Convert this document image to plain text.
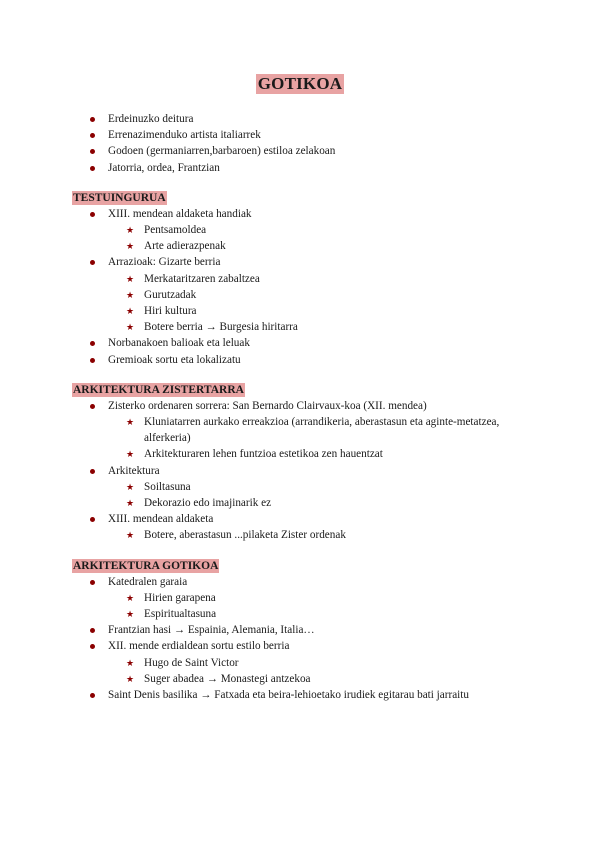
GOTIKOA
Erdeinuzko deitura
Errenazimenduko artista italiarrek
Godoen (germaniarren,barbaroen) estiloa zelakoan
Jatorria, ordea, Frantzian
TESTUINGURUA
XIII. mendean aldaketa handiak
★ Pentsamoldea
★ Arte adierazpenak
Arrazioak: Gizarte berria
★ Merkataritzaren zabaltzea
★ Gurutzadak
★ Hiri kultura
★ Botere berria → Burgesia hiritarra
Norbanakoen balioak eta leluak
Gremioak sortu eta lokalizatu
ARKITEKTURA ZISTERTARRA
Zisterko ordenaren sorrera: San Bernardo Clairvaux-koa (XII. mendea)
★ Kluniatarren aurkako erreakzioa (arrandikeria, aberastasun eta aginte-metatzea, alferkeria)
★ Arkitekturaren lehen funtzioa estetikoa zen hauentzat
Arkitektura
★ Soiltasuna
★ Dekorazio edo imajinarik ez
XIII. mendean aldaketa
★ Botere, aberastasun ...pilaketa Zister ordenak
ARKITEKTURA GOTIKOA
Katedralen garaia
★ Hirien garapena
★ Espiritualtasuna
Frantzian hasi → Espainia, Alemania, Italia…
XII. mende erdialdean sortu estilo berria
★ Hugo de Saint Victor
★ Suger abadea → Monastegi antzekoa
Saint Denis basilika → Fatxada eta beira-lehioetako irudiek egitarau bati jarraitu
